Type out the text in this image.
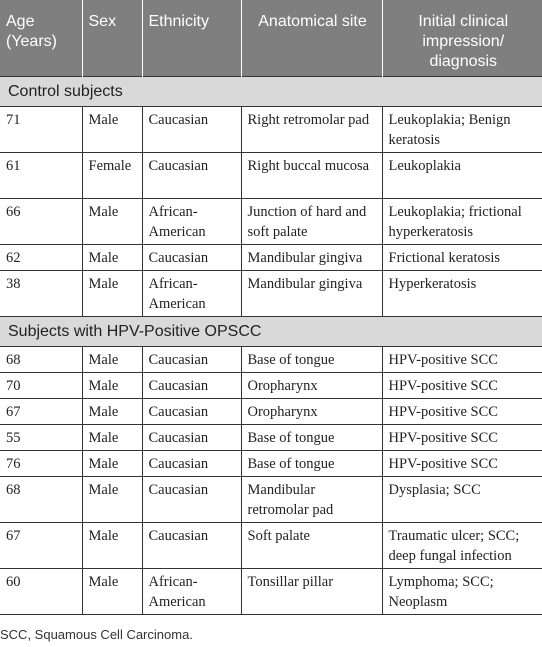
Age (Years)	Sex	Ethnicity	Anatomical site	Initial clinical impression/ diagnosis
Control subjects				
71	Male	Caucasian	Right retromolar pad	Leukoplakia; Benign keratosis
61	Female	Caucasian	Right buccal mucosa	Leukoplakia
66	Male	African-American	Junction of hard and soft palate	Leukoplakia; frictional hyperkeratosis
62	Male	Caucasian	Mandibular gingiva	Frictional keratosis
38	Male	African-American	Mandibular gingiva	Hyperkeratosis
Subjects with HPV-Positive OPSCC				
68	Male	Caucasian	Base of tongue	HPV-positive SCC
70	Male	Caucasian	Oropharynx	HPV-positive SCC
67	Male	Caucasian	Oropharynx	HPV-positive SCC
55	Male	Caucasian	Base of tongue	HPV-positive SCC
76	Male	Caucasian	Base of tongue	HPV-positive SCC
68	Male	Caucasian	Mandibular retromolar pad	Dysplasia; SCC
67	Male	Caucasian	Soft palate	Traumatic ulcer; SCC; deep fungal infection
60	Male	African-American	Tonsillar pillar	Lymphoma; SCC; Neoplasm
SCC, Squamous Cell Carcinoma.
